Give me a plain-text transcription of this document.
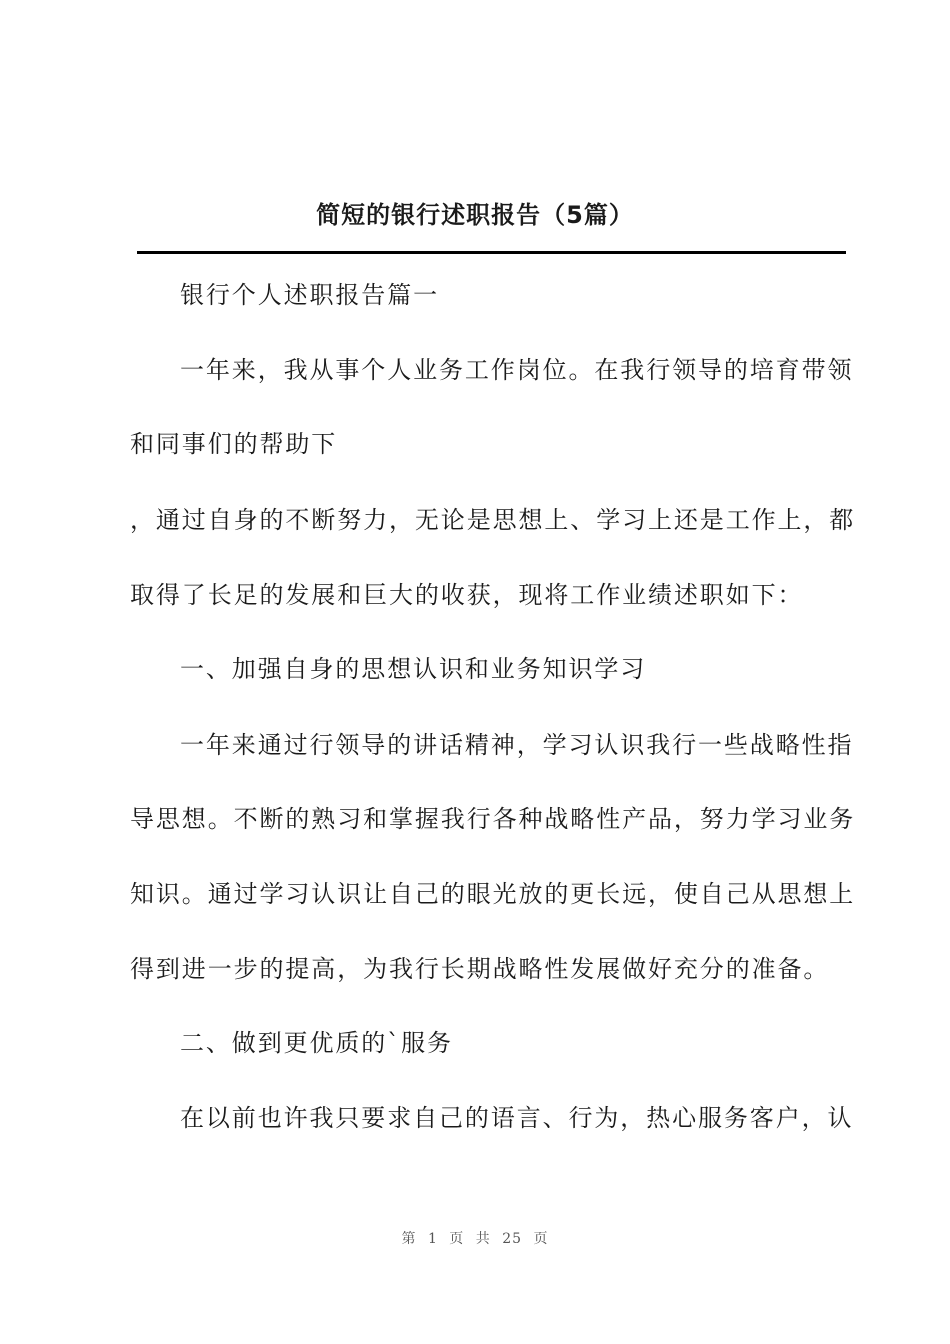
简短的银行述职报告（5篇）
银行个人述职报告篇一
一年来，我从事个人业务工作岗位。在我行领导的培育带领
和同事们的帮助下
，通过自身的不断努力，无论是思想上、学习上还是工作上，都
取得了长足的发展和巨大的收获，现将工作业绩述职如下：
一、加强自身的思想认识和业务知识学习
一年来通过行领导的讲话精神，学习认识我行一些战略性指
导思想。不断的熟习和掌握我行各种战略性产品，努力学习业务
知识。通过学习认识让自己的眼光放的更长远，使自己从思想上
得到进一步的提高，为我行长期战略性发展做好充分的准备。
二、做到更优质的`服务
在以前也许我只要求自己的语言、行为，热心服务客户，认
第 1 页 共 25 页
